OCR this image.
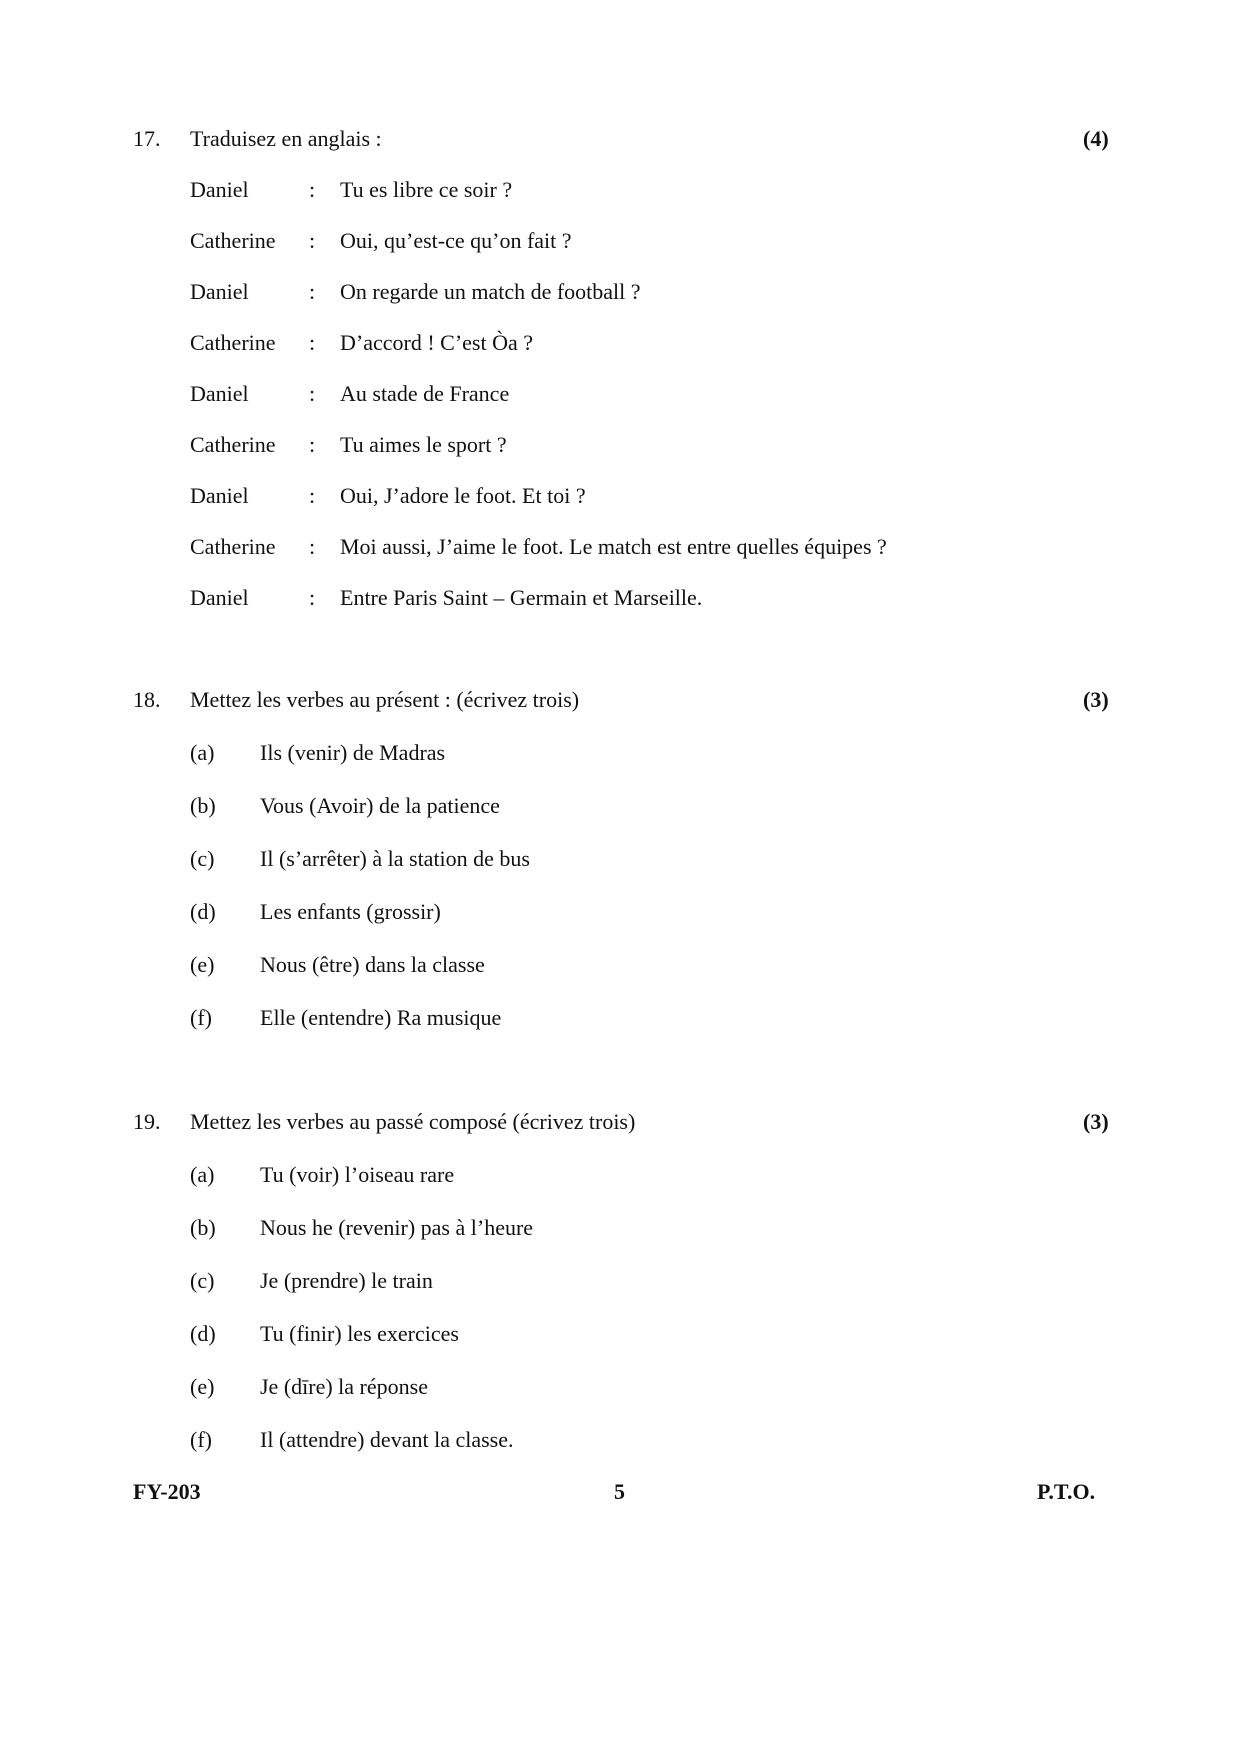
17. Traduisez en anglais :	(4)
Daniel	: Tu es libre ce soir ?
Catherine : Oui, qu’est-ce qu’on fait ?
Daniel	: On regarde un match de football ?
Catherine : D’accord ! C’est Òa ?
Daniel	: Au stade de France
Catherine : Tu aimes le sport ?
Daniel	: Oui, J’adore le foot. Et toi ?
Catherine : Moi aussi, J’aime le foot. Le match est entre quelles équipes ?
Daniel	: Entre Paris Saint – Germain et Marseille.
18. Mettez les verbes au présent : (écrivez trois)	(3)
(a) Ils (venir) de Madras
(b) Vous (Avoir) de la patience
(c) Il (s’arrêter) à la station de bus
(d) Les enfants (grossir)
(e) Nous (être) dans la classe
(f) Elle (entendre) Ra musique
19. Mettez les verbes au passé composé (écrivez trois)	(3)
(a) Tu (voir) l’oiseau rare
(b) Nous he (revenir) pas à l’heure
(c) Je (prendre) le train
(d) Tu (finir) les exercices
(e) Je (dīre) la réponse
(f) Il (attendre) devant la classe.
FY-203	5	P.T.O.
